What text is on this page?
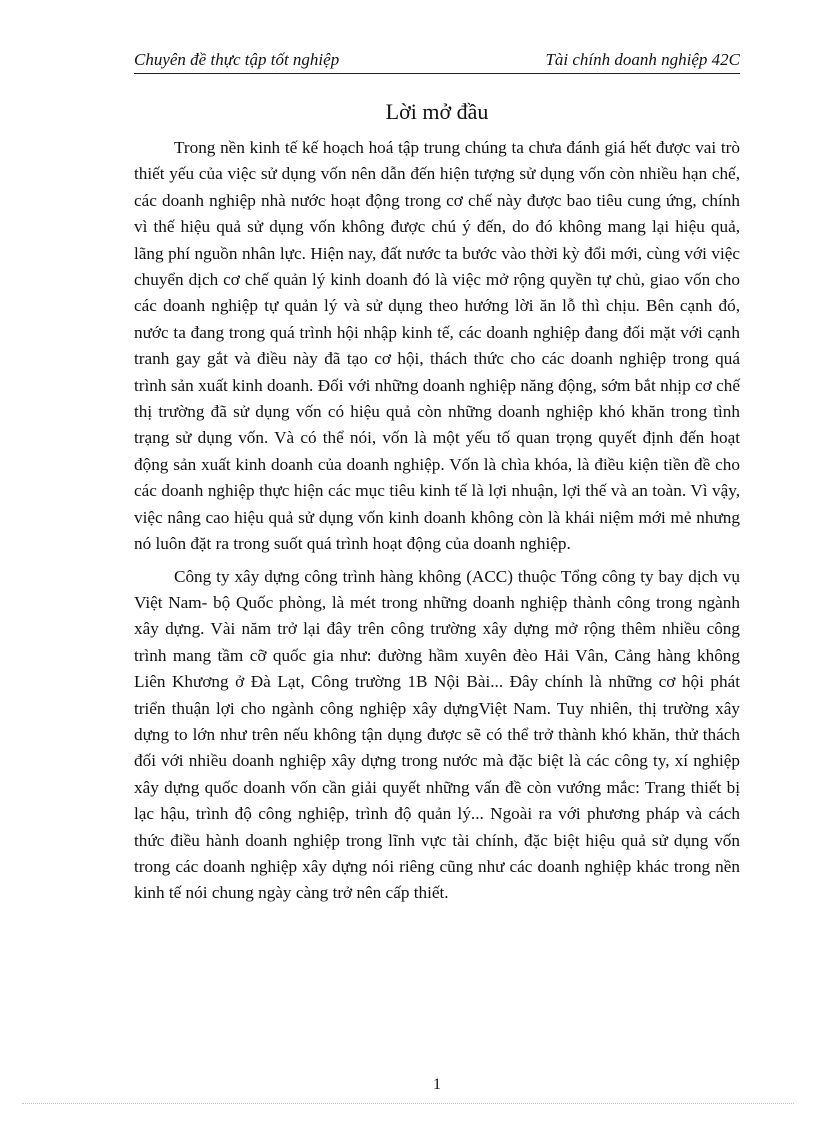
Chuyên đề thực tập tốt nghiệp	Tài chính doanh nghiệp 42C
Lời mở đầu

Trong nền kinh tế kế hoạch hoá tập trung chúng ta chưa đánh giá hết được vai trò thiết yếu của việc sử dụng vốn nên dẫn đến hiện tượng sử dụng vốn còn nhiều hạn chế, các doanh nghiệp nhà nước hoạt động trong cơ chế này được bao tiêu cung ứng, chính vì thế hiệu quả sử dụng vốn không được chú ý đến, do đó không mang lại hiệu quả, lãng phí nguồn nhân lực. Hiện nay, đất nước ta bước vào thời kỳ đổi mới, cùng với việc chuyển dịch cơ chế quản lý kinh doanh đó là việc mở rộng quyền tự chủ, giao vốn cho các doanh nghiệp tự quản lý và sử dụng theo hướng lời ăn lỗ thì chịu. Bên cạnh đó, nước ta đang trong quá trình hội nhập kinh tế, các doanh nghiệp đang đối mặt với cạnh tranh gay gắt và điều này đã tạo cơ hội, thách thức cho các doanh nghiệp trong quá trình sản xuất kinh doanh. Đối với những doanh nghiệp năng động, sớm bắt nhịp cơ chế thị trường đã sử dụng vốn có hiệu quả còn những doanh nghiệp khó khăn trong tình trạng sử dụng vốn. Và có thể nói, vốn là một yếu tố quan trọng quyết định đến hoạt động sản xuất kinh doanh của doanh nghiệp. Vốn là chìa khóa, là điều kiện tiền đề cho các doanh nghiệp thực hiện các mục tiêu kinh tế là lợi nhuận, lợi thế và an toàn. Vì vậy, việc nâng cao hiệu quả sử dụng vốn kinh doanh không còn là khái niệm mới mẻ nhưng nó luôn đặt ra trong suốt quá trình hoạt động của doanh nghiệp.

Công ty xây dựng công trình hàng không (ACC) thuộc Tổng công ty bay dịch vụ Việt Nam- bộ Quốc phòng, là mét trong những doanh nghiệp thành công trong ngành xây dựng. Vài năm trở lại đây trên công trường xây dựng mở rộng thêm nhiều công trình mang tầm cỡ quốc gia như: đường hầm xuyên đèo Hải Vân, Cảng hàng không Liên Khương ở Đà Lạt, Công trường 1B Nội Bài... Đây chính là những cơ hội phát triển thuận lợi cho ngành công nghiệp xây dựngViệt Nam. Tuy nhiên, thị trường xây dựng to lớn như trên nếu không tận dụng được sẽ có thể trở thành khó khăn, thử thách đối với nhiều doanh nghiệp xây dựng trong nước mà đặc biệt là các công ty, xí nghiệp xây dựng quốc doanh vốn cần giải quyết những vấn đề còn vướng mắc: Trang thiết bị lạc hậu, trình độ công nghiệp, trình độ quản lý... Ngoài ra với phương pháp và cách thức điều hành doanh nghiệp trong lĩnh vực tài chính, đặc biệt hiệu quả sử dụng vốn trong các doanh nghiệp xây dựng nói riêng cũng như các doanh nghiệp khác trong nền kinh tế nói chung ngày càng trở nên cấp thiết.

1
